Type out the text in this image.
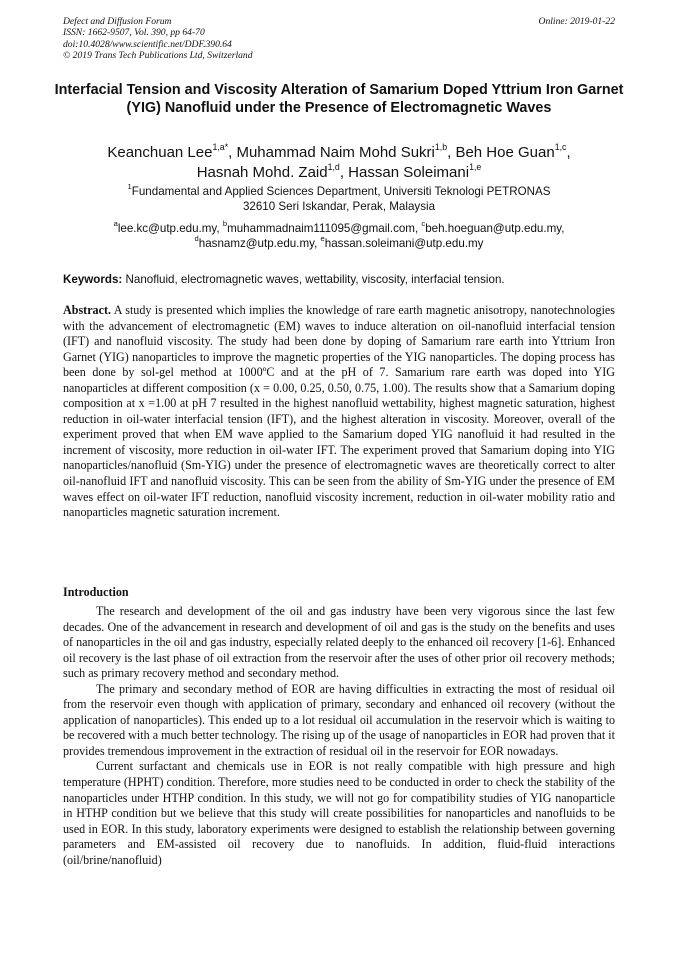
Defect and Diffusion Forum
ISSN: 1662-9507, Vol. 390, pp 64-70
doi:10.4028/www.scientific.net/DDF.390.64
© 2019 Trans Tech Publications Ltd, Switzerland
Online: 2019-01-22
Interfacial Tension and Viscosity Alteration of Samarium Doped Yttrium Iron Garnet (YIG) Nanofluid under the Presence of Electromagnetic Waves
Keanchuan Lee$^{1,a*}$, Muhammad Naim Mohd Sukri$^{1,b}$, Beh Hoe Guan$^{1,c}$,
Hasnah Mohd. Zaid$^{1,d}$, Hassan Soleimani$^{1,e}$
$^1$Fundamental and Applied Sciences Department, Universiti Teknologi PETRONAS
32610 Seri Iskandar, Perak, Malaysia
$^a$lee.kc@utp.edu.my, $^b$muhammadnaim111095@gmail.com, $^c$beh.hoeguan@utp.edu.my,
$^d$hasnamz@utp.edu.my, $^e$hassan.soleimani@utp.edu.my
Keywords: Nanofluid, electromagnetic waves, wettability, viscosity, interfacial tension.
Abstract. A study is presented which implies the knowledge of rare earth magnetic anisotropy, nanotechnologies with the advancement of electromagnetic (EM) waves to induce alteration on oil-nanofluid interfacial tension (IFT) and nanofluid viscosity. The study had been done by doping of Samarium rare earth into Yttrium Iron Garnet (YIG) nanoparticles to improve the magnetic properties of the YIG nanoparticles. The doping process has been done by sol-gel method at 1000ºC and at the pH of 7. Samarium rare earth was doped into YIG nanoparticles at different composition (x = 0.00, 0.25, 0.50, 0.75, 1.00). The results show that a Samarium doping composition at x =1.00 at pH 7 resulted in the highest nanofluid wettability, highest magnetic saturation, highest reduction in oil-water interfacial tension (IFT), and the highest alteration in viscosity. Moreover, overall of the experiment proved that when EM wave applied to the Samarium doped YIG nanofluid it had resulted in the increment of viscosity, more reduction in oil-water IFT. The experiment proved that Samarium doping into YIG nanoparticles/nanofluid (Sm-YIG) under the presence of electromagnetic waves are theoretically correct to alter oil-nanofluid IFT and nanofluid viscosity. This can be seen from the ability of Sm-YIG under the presence of EM waves effect on oil-water IFT reduction, nanofluid viscosity increment, reduction in oil-water mobility ratio and nanoparticles magnetic saturation increment.
Introduction

The research and development of the oil and gas industry have been very vigorous since the last few decades. One of the advancement in research and development of oil and gas is the study on the benefits and uses of nanoparticles in the oil and gas industry, especially related deeply to the enhanced oil recovery [1-6]. Enhanced oil recovery is the last phase of oil extraction from the reservoir after the uses of other prior oil recovery methods; such as primary recovery method and secondary method.

The primary and secondary method of EOR are having difficulties in extracting the most of residual oil from the reservoir even though with application of primary, secondary and enhanced oil recovery (without the application of nanoparticles). This ended up to a lot residual oil accumulation in the reservoir which is waiting to be recovered with a much better technology. The rising up of the usage of nanoparticles in EOR had proven that it provides tremendous improvement in the extraction of residual oil in the reservoir for EOR nowadays.

Current surfactant and chemicals use in EOR is not really compatible with high pressure and high temperature (HPHT) condition. Therefore, more studies need to be conducted in order to check the stability of the nanoparticles under HTHP condition. In this study, we will not go for compatibility studies of YIG nanoparticle in HTHP condition but we believe that this study will create possibilities for nanoparticles and nanofluids to be used in EOR. In this study, laboratory experiments were designed to establish the relationship between governing parameters and EM-assisted oil recovery due to nanofluids. In addition, fluid-fluid interactions (oil/brine/nanofluid)
